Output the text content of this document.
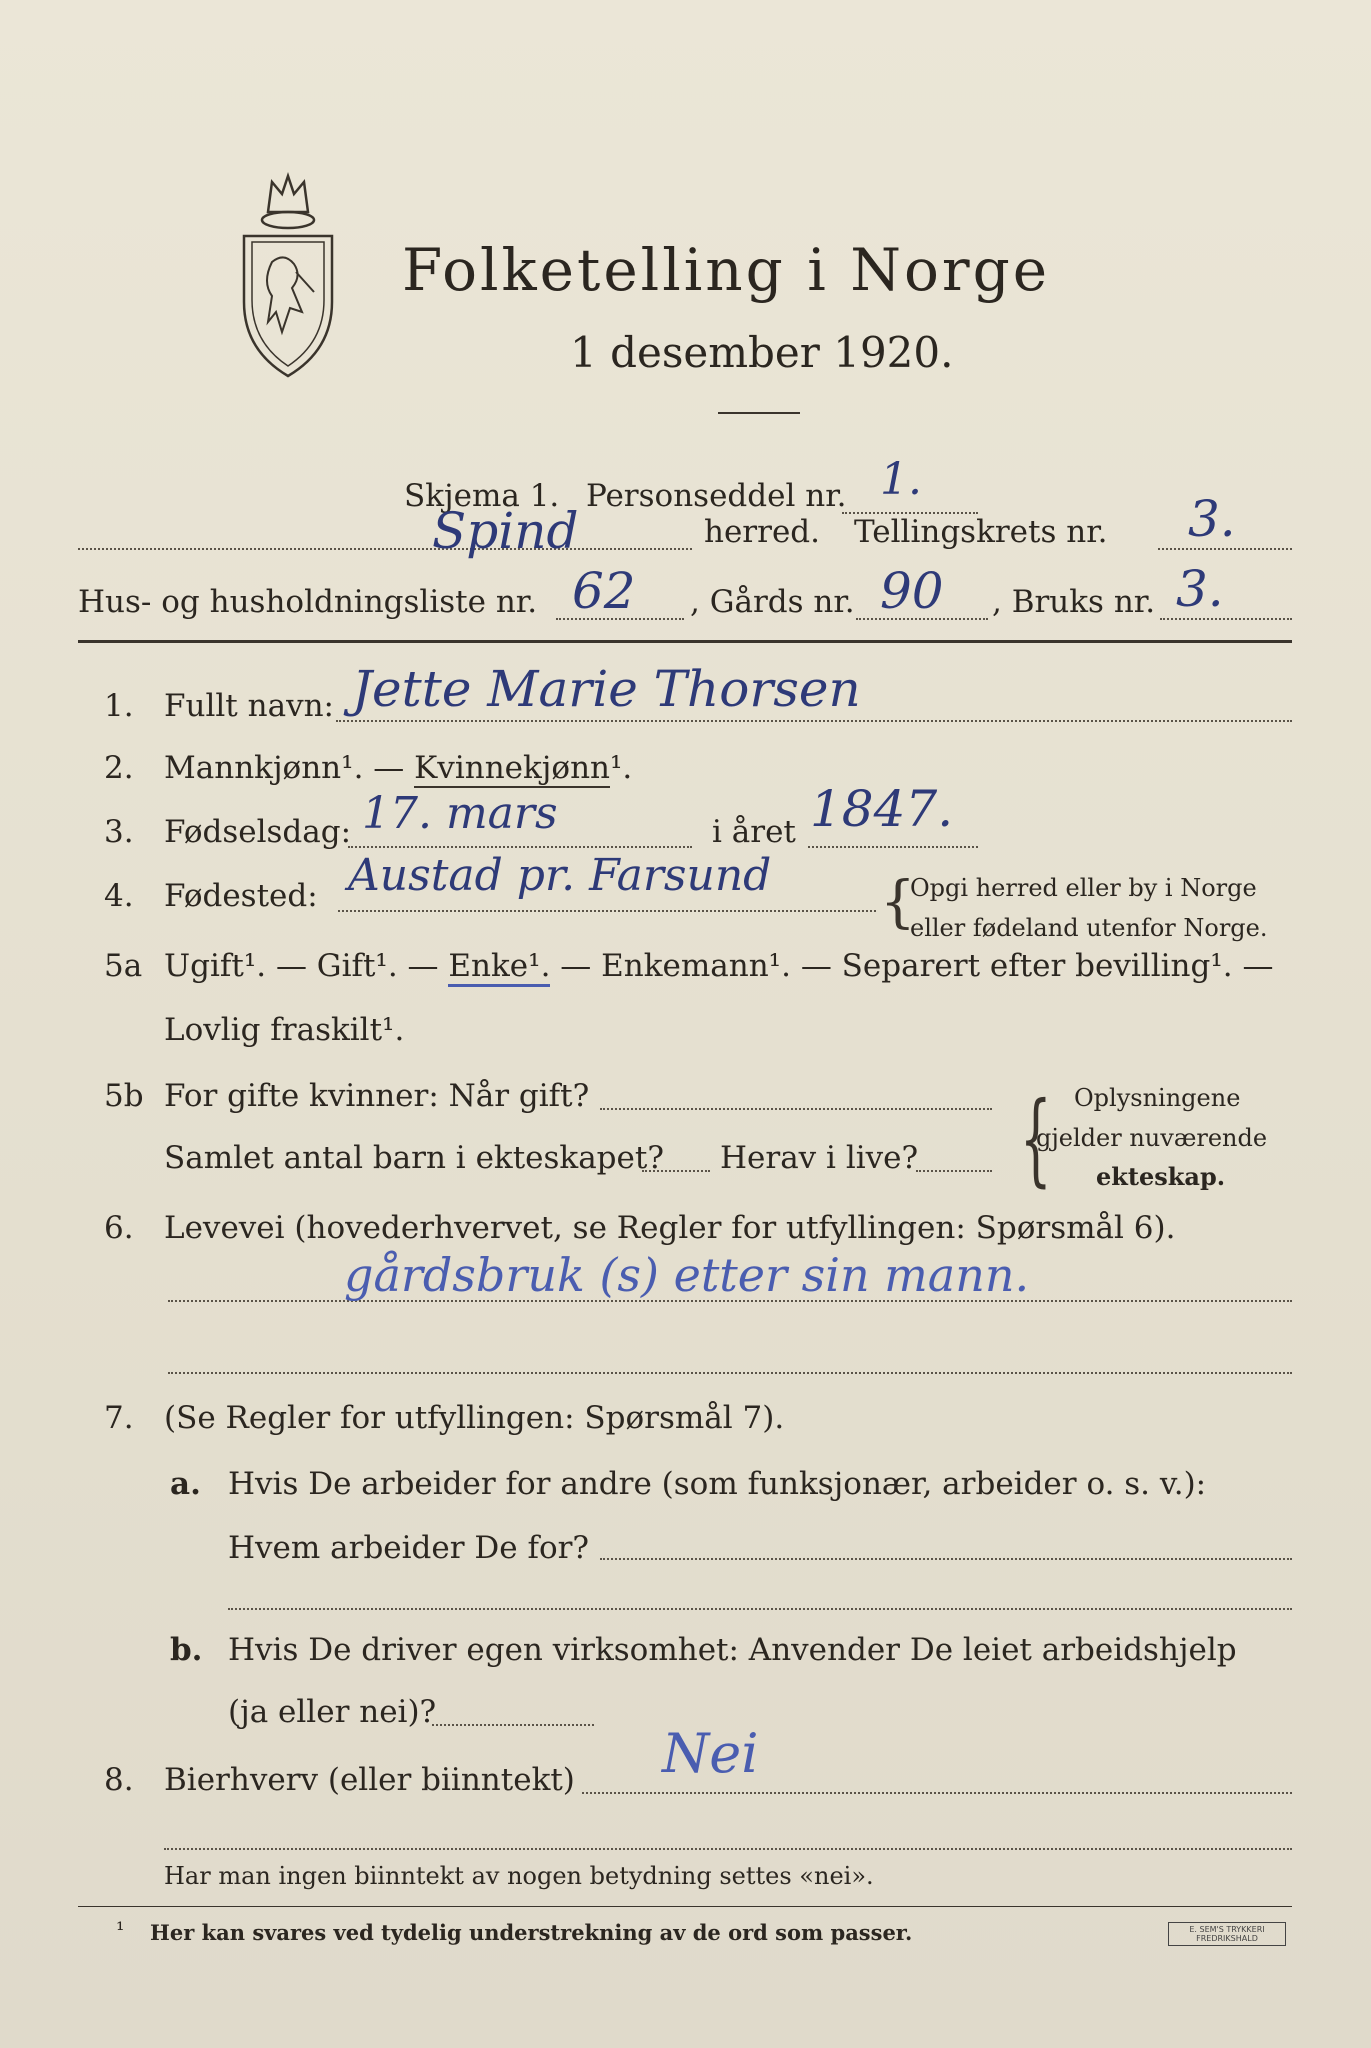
Folketelling i Norge
1 desember 1920.
Skjema 1. Personseddel nr. 1.
Spind	herred. Tellingskrets nr. 3.
Hus- og husholdningsliste nr. 62 , Gårds nr. 90 , Bruks nr. 3.
1. Fullt navn: Jette Marie Thorsen
2. Mannkjønn¹. — Kvinnekjønn¹.
3. Fødselsdag: 17. mars	i året 1847.
4. Fødested: Austad pr. Farsund {
Opgi herred eller by i Norge
eller fødeland utenfor Norge.
5a Ugift¹. — Gift¹. — Enke¹. — Enkemann¹. — Separert efter bevilling¹. —
Lovlig fraskilt¹.
5b For gifte kvinner: Når gift?
Samlet antal barn i ekteskapet? Herav i live? { Oplysningene
gjelder nuværende
ekteskap.
6. Levevei (hovederhvervet, se Regler for utfyllingen: Spørsmål 6).
gårdsbruk (s) etter sin mann.
7. (Se Regler for utfyllingen: Spørsmål 7).
a. Hvis De arbeider for andre (som funksjonær, arbeider o. s. v.):
Hvem arbeider De for?
b. Hvis De driver egen virksomhet: Anvender De leiet arbeidshjelp
(ja eller nei)?
8. Bierhverv (eller biinntekt) Nei
Har man ingen biinntekt av nogen betydning settes «nei».
¹ Her kan svares ved tydelig understrekning av de ord som passer.	E. SEM'S TRYKKERI FREDRIKSHALD
